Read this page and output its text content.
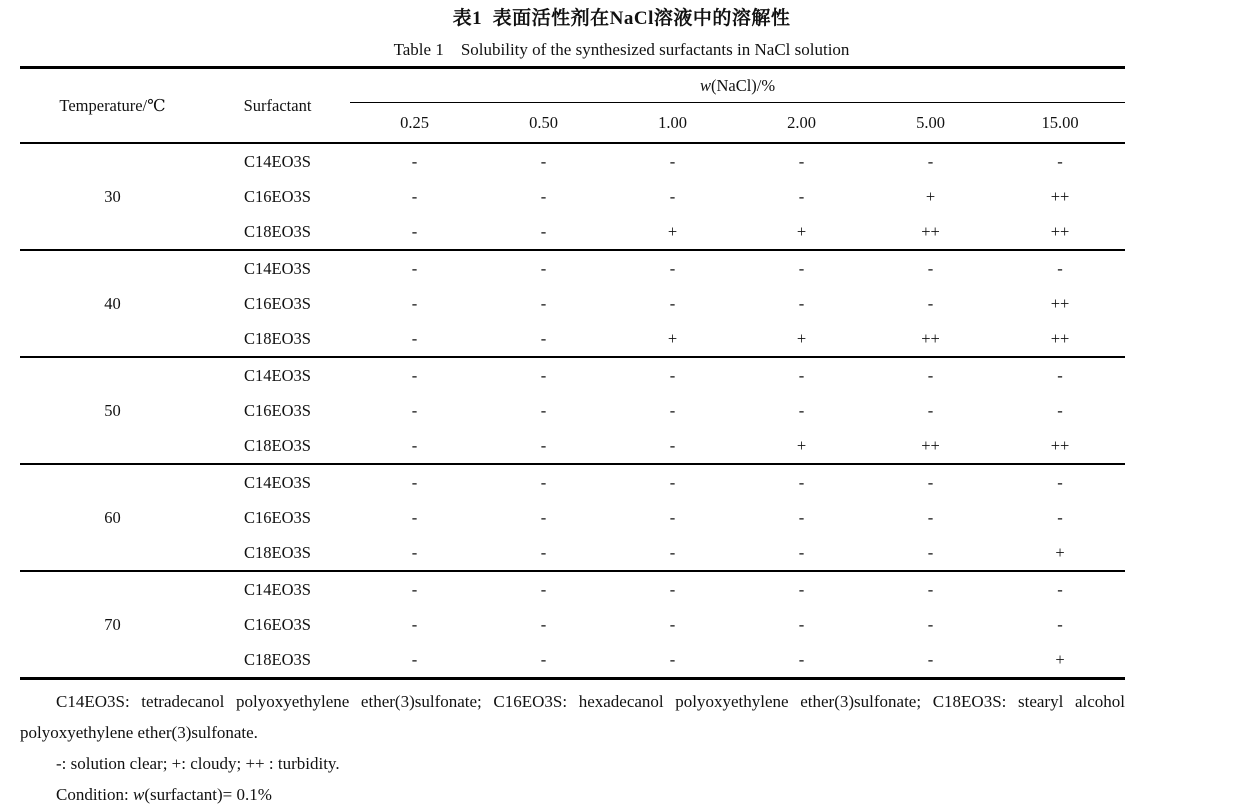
表1  表面活性剂在NaCl溶液中的溶解性
Table 1    Solubility of the synthesized surfactants in NaCl solution
Temperature/℃	Surfactant	w(NaCl)/%					
		0.25	0.50	1.00	2.00	5.00	15.00
30	C14EO3S	-	-	-	-	-	-
	C16EO3S	-	-	-	-	+	++
	C18EO3S	-	-	+	+	++	++
40	C14EO3S	-	-	-	-	-	-
	C16EO3S	-	-	-	-	-	++
	C18EO3S	-	-	+	+	++	++
50	C14EO3S	-	-	-	-	-	-
	C16EO3S	-	-	-	-	-	-
	C18EO3S	-	-	-	+	++	++
60	C14EO3S	-	-	-	-	-	-
	C16EO3S	-	-	-	-	-	-
	C18EO3S	-	-	-	-	-	+
70	C14EO3S	-	-	-	-	-	-
	C16EO3S	-	-	-	-	-	-
	C18EO3S	-	-	-	-	-	+

C14EO3S: tetradecanol polyoxyethylene ether(3)sulfonate; C16EO3S: hexadecanol polyoxyethylene ether(3)sulfonate; C18EO3S: stearyl alcohol polyoxyethylene ether(3)sulfonate.

-: solution clear; +: cloudy; ++ : turbidity.

Condition: w(surfactant)= 0.1%
